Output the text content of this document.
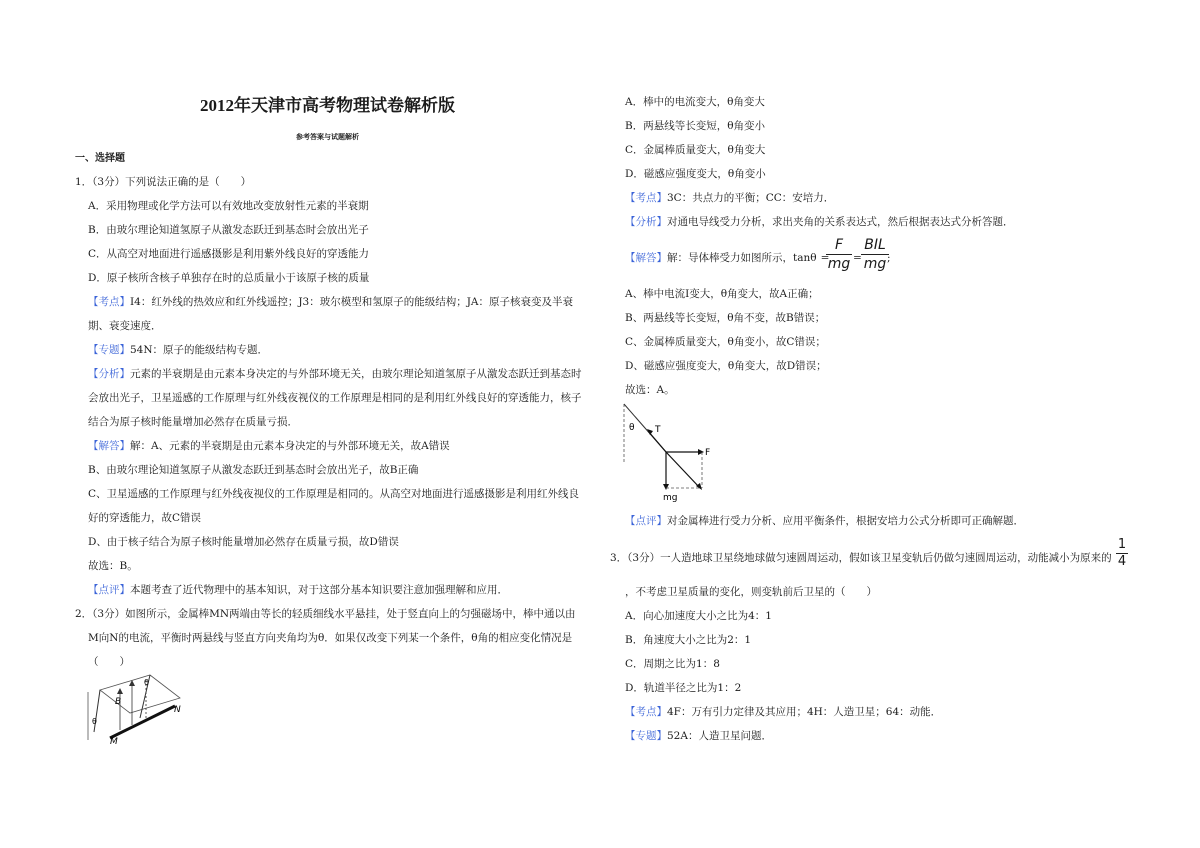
2012年天津市高考物理试卷解析版
参考答案与试题解析
一、选择题
1．（3分）下列说法正确的是（　　）
A．采用物理或化学方法可以有效地改变放射性元素的半衰期
B．由玻尔理论知道氢原子从激发态跃迁到基态时会放出光子
C．从高空对地面进行遥感摄影是利用紫外线良好的穿透能力
D．原子核所含核子单独存在时的总质量小于该原子核的质量
【考点】I4：红外线的热效应和红外线遥控；J3：玻尔模型和氢原子的能级结构；JA：原子核衰变及半衰
期、衰变速度．
【专题】54N：原子的能级结构专题．
【分析】元素的半衰期是由元素本身决定的与外部环境无关，由玻尔理论知道氢原子从激发态跃迁到基态时
会放出光子，卫星遥感的工作原理与红外线夜视仪的工作原理是相同的是利用红外线良好的穿透能力，核子
结合为原子核时能量增加必然存在质量亏损．
【解答】解：A、元素的半衰期是由元素本身决定的与外部环境无关，故A错误
B、由玻尔理论知道氢原子从激发态跃迁到基态时会放出光子，故B正确
C、卫星遥感的工作原理与红外线夜视仪的工作原理是相同的。从高空对地面进行遥感摄影是利用红外线良
好的穿透能力，故C错误
D、由于核子结合为原子核时能量增加必然存在质量亏损，故D错误
故选：B。
【点评】本题考查了近代物理中的基本知识，对于这部分基本知识要注意加强理解和应用．
2．（3分）如图所示，金属棒MN两端由等长的轻质细线水平悬挂，处于竖直向上的匀强磁场中，棒中通以由
M向N的电流，平衡时两悬线与竖直方向夹角均为θ．如果仅改变下列某一个条件，θ角的相应变化情况是
（　　）
B
θ
θ
N
M
A．棒中的电流变大，θ角变大
B．两悬线等长变短，θ角变小
C．金属棒质量变大，θ角变大
D．磁感应强度变大，θ角变小
【考点】3C：共点力的平衡；CC：安培力．
【分析】对通电导线受力分析，求出夹角的关系表达式，然后根据表达式分析答题．
【解答】解：导体棒受力如图所示，tanθ =
F
mg =
BIL
mg ;
A、棒中电流I变大，θ角变大，故A正确；
B、两悬线等长变短，θ角不变，故B错误；
C、金属棒质量变大，θ角变小，故C错误；
D、磁感应强度变大，θ角变大，故D错误；
故选：A。
θ T
F
mg
【点评】对金属棒进行受力分析、应用平衡条件，根据安培力公式分析即可正确解题．
3．（3分）一人造地球卫星绕地球做匀速圆周运动，假如该卫星变轨后仍做匀速圆周运动，动能减小为原来的
1
4
，不考虑卫星质量的变化，则变轨前后卫星的（　　）
A．向心加速度大小之比为4：1
B．角速度大小之比为2：1
C．周期之比为1：8
D．轨道半径之比为1：2
【考点】4F：万有引力定律及其应用；4H：人造卫星；64：动能．
【专题】52A：人造卫星问题．
